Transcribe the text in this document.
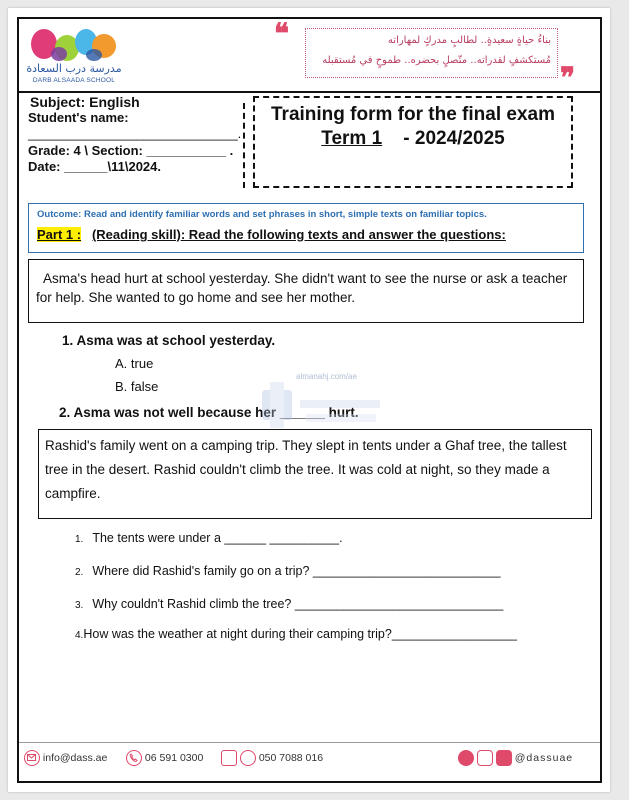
مدرسة درب السعادة
DARB ALSAADA SCHOOL
❝	بناءُ حياةٍ سعيدةٍ.. لطالبٍ مدركٍ لمهاراته
مُستكشفٍ لقدراته.. متّصلٍ بحضره.. طموحٍ في مُستقبله
❞
Subject: English
Student's name:
_____________________________.
Grade: 4 \ Section: ___________ .
Date: ______\11\2024.
Training form for the final exam
Term 1 - 2024/2025
Outcome: Read and identify familiar words and set phrases in short, simple texts on familiar topics.
Part 1 : (Reading skill): Read the following texts and answer the questions:
Asma's head hurt at school yesterday. She didn't want to see the nurse or ask a teacher for help. She wanted to go home and see her mother.
1. Asma was at school yesterday.
A. true
B. false
2. Asma was not well because her ______ hurt.
almanahj.com/ae
Rashid's family went on a camping trip. They slept in tents under a Ghaf tree, the tallest tree in the desert. Rashid couldn't climb the tree. It was cold at night, so they made a campfire.
1. The tents were under a ______ __________.
2. Where did Rashid's family go on a trip? ___________________________
3. Why couldn't Rashid climb the tree? ______________________________
4.How was the weather at night during their camping trip?__________________
info@dass.ae	06 591 0300	050 7088 016	@dassuae
